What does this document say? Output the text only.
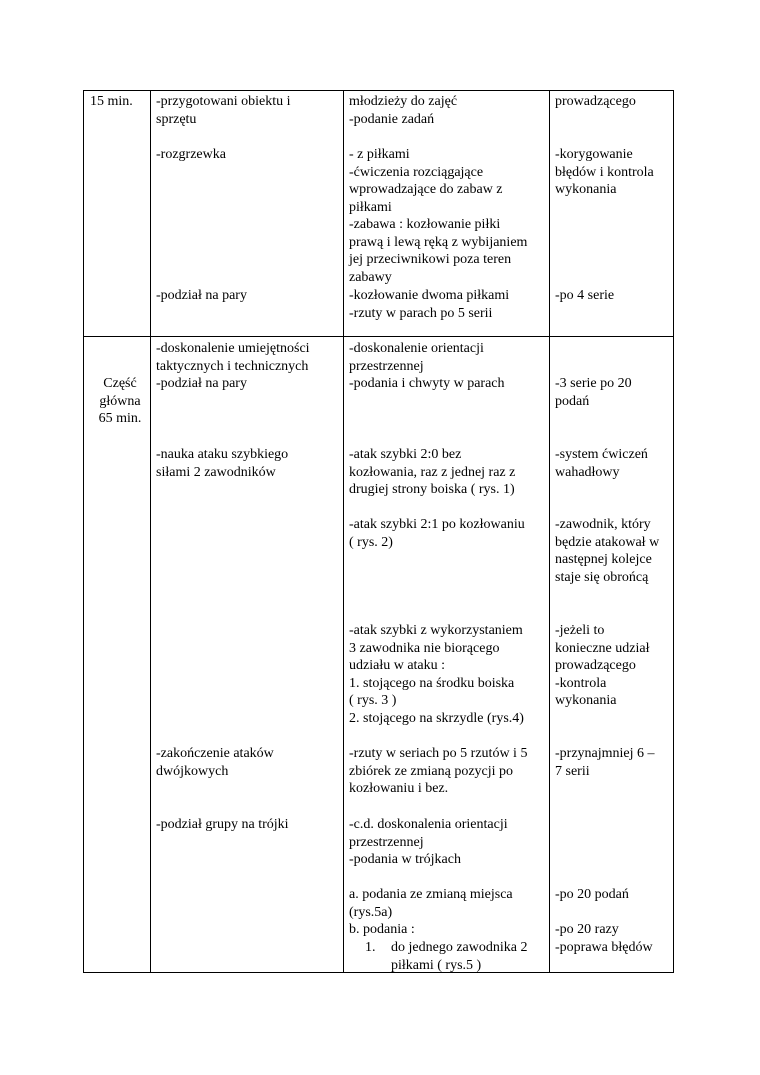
15 min.	-przygotowani obiektu i
sprzętu
-rozgrzewka
-podział na pary
młodzieży do zajęć
-podanie zadań
- z piłkami
-ćwiczenia rozciągające
wprowadzające do zabaw z
piłkami
-zabawa : kozłowanie piłki
prawą i lewą ręką z wybijaniem
jej przeciwnikowi poza teren
zabawy
-kozłowanie dwoma piłkami
-rzuty w parach po 5 serii
prowadzącego
-korygowanie
błędów i kontrola
wykonania
-po 4 serie
Część
główna
65 min.
-doskonalenie umiejętności
taktycznych i technicznych
-podział na pary
-nauka ataku szybkiego
siłami 2 zawodników
-zakończenie ataków
dwójkowych
-podział grupy na trójki
-doskonalenie orientacji
przestrzennej
-podania i chwyty w parach
-atak szybki 2:0 bez
kozłowania, raz z jednej raz z
drugiej strony boiska ( rys. 1)
-atak szybki 2:1 po kozłowaniu
( rys. 2)
-atak szybki z wykorzystaniem
3 zawodnika nie biorącego
udziału w ataku :
1. stojącego na środku boiska
( rys. 3 )
2. stojącego na skrzydle (rys.4)
-rzuty w seriach po 5 rzutów i 5
zbiórek ze zmianą pozycji po
kozłowaniu i bez.
-c.d. doskonalenia orientacji
przestrzennej
-podania w trójkach
a. podania ze zmianą miejsca
(rys.5a)
b. podania :
1.	do jednego zawodnika 2
piłkami ( rys.5 )
-3 serie po 20
podań
-system ćwiczeń
wahadłowy
-zawodnik, który
będzie atakował w
następnej kolejce
staje się obrońcą
-jeżeli to
konieczne udział
prowadzącego
-kontrola
wykonania
-przynajmniej 6 –
7 serii
-po 20 podań
-po 20 razy
-poprawa błędów
